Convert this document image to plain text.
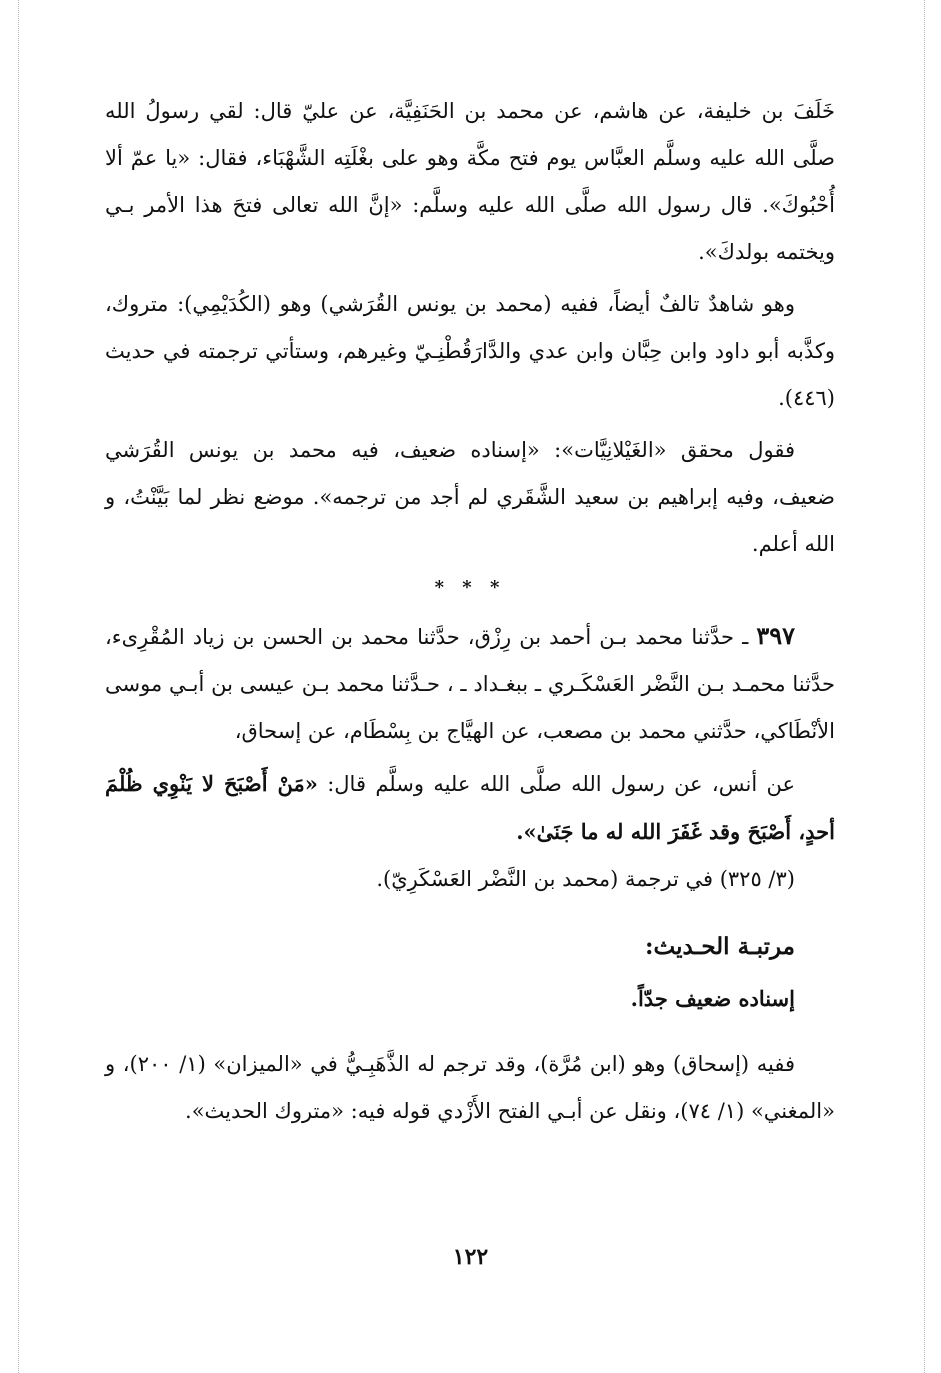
خَلَفَ بن خليفة، عن هاشم، عن محمد بن الحَنَفِيَّة، عن عليّ قال: لقي رسولُ الله صلَّى الله عليه وسلَّم العبَّاس يوم فتح مكَّة وهو على بغْلَتِه الشَّهْبَاء، فقال: «يا عمّ ألا أُحْبُوكَ». قال رسول الله صلَّى الله عليه وسلَّم: «إنَّ الله تعالى فتحَ هذا الأمر بـي ويختمه بولدكَ».

وهو شاهدٌ تالفٌ أيضاً، ففيه (محمد بن يونس القُرَشي) وهو (الكُدَيْمِي): متروك، وكذَّبه أبو داود وابن حِبَّان وابن عدي والدَّارَقُطْنِـيّ وغيرهم، وستأتي ترجمته في حديث (٤٤٦).

فقول محقق «الغَيْلانِيَّات»: «إسناده ضعيف، فيه محمد بن يونس القُرَشي ضعيف، وفيه إبراهيم بن سعيد الشَّقَري لم أجد من ترجمه». موضع نظر لما بَيَّنْتُ، و الله أعلم.

* * *

٣٩٧ ـ حدَّثنا محمد بـن أحمد بن رِزْق، حدَّثنا محمد بن الحسن بن زياد المُقْرِىء، حدَّثنا محمـد بـن النَّضْر العَسْكَـري ـ ببغـداد ـ ، حـدَّثنا محمد بـن عيسى بن أبـي موسى الأنْطَاكي، حدَّثني محمد بن مصعب، عن الهيَّاج بن بِسْطَام، عن إسحاق،

عن أنس، عن رسول الله صلَّى الله عليه وسلَّم قال: «مَنْ أَصْبَحَ لا يَنْوِي ظُلْمَ أحدٍ، أَصْبَحَ وقد غَفَرَ الله له ما جَنَىٰ».

(٣/ ٣٢٥) في ترجمة (محمد بن النَّضْر العَسْكَرِيّ).

مرتبـة الحـديث:

إسناده ضعيف جدّاً.

ففيه (إسحاق) وهو (ابن مُرَّة)، وقد ترجم له الذَّهَبِـيُّ في «الميزان» (١/ ٢٠٠)، و «المغني» (١/ ٧٤)، ونقل عن أبـي الفتح الأَزْدي قوله فيه: «متروك الحديث».

١٢٢
